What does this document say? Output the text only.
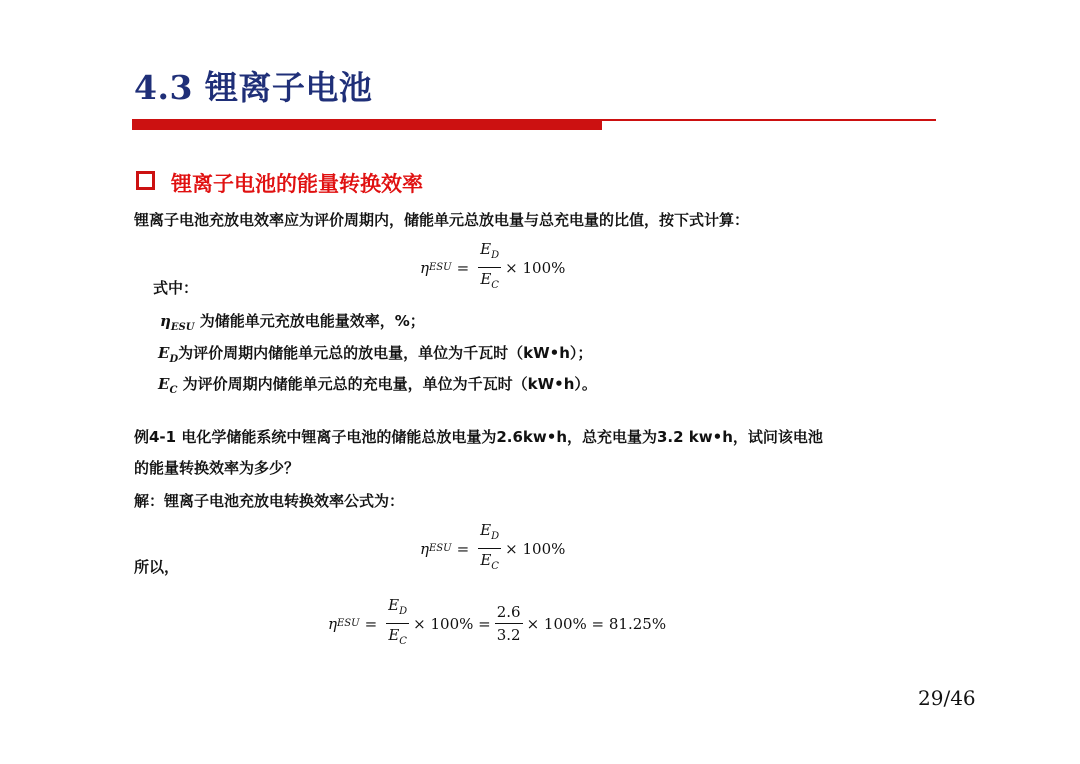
4.3 锂离子电池
锂离子电池的能量转换效率
锂离子电池充放电效率应为评价周期内，储能单元总放电量与总充电量的比值，按下式计算：
η ESU = $\frac{E_D}{E_C} \times 100\%$
式中：
$\eta_{ESU}$ 为储能单元充放电能量效率，%；
$E_D$为评价周期内储能单元总的放电量，单位为千瓦时（kW•h）；
$E_C$ 为评价周期内储能单元总的充电量，单位为千瓦时（kW•h）。
例4-1 电化学储能系统中锂离子电池的储能总放电量为2.6kw•h，总充电量为3.2 kw•h，试问该电池
的能量转换效率为多少？
解：锂离子电池充放电转换效率公式为：
η ESU = $\frac{E_D}{E_C} \times 100\%$
所以，
η ESU = $\frac{E_D}{E_C} \times 100\% = \frac{2.6}{3.2} \times 100\% = 81.25\%$
29/46
